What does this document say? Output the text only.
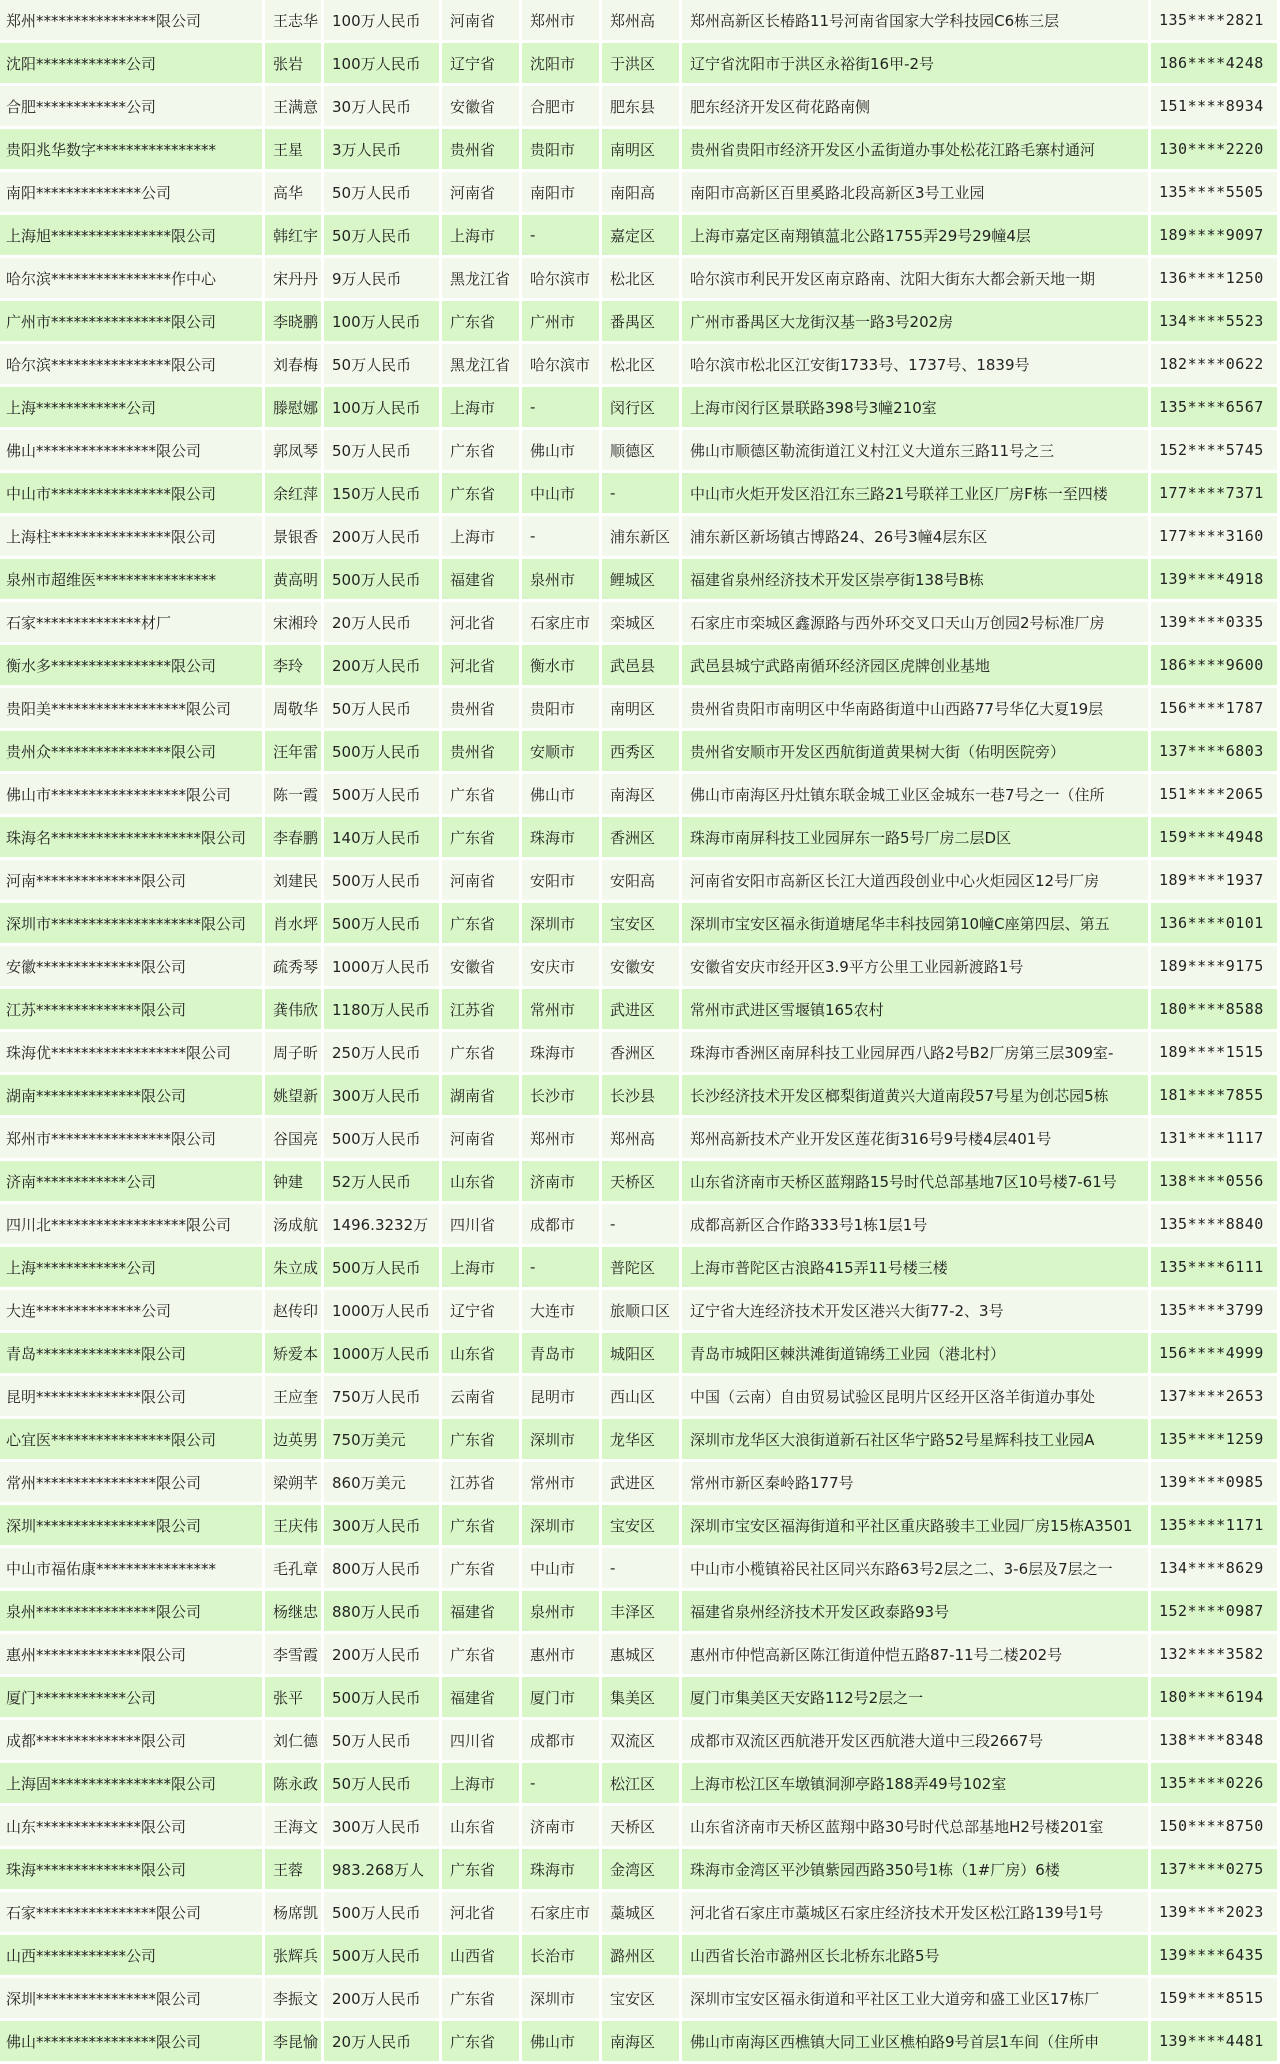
郑州****************限公司	王志华	100万人民币	河南省	郑州市	郑州高	郑州高新区长椿路11号河南省国家大学科技园C6栋三层	135****2821
沈阳************公司	张岩	100万人民币	辽宁省	沈阳市	于洪区	辽宁省沈阳市于洪区永裕街16甲-2号	186****4248
合肥************公司	王满意	30万人民币	安徽省	合肥市	肥东县	肥东经济开发区荷花路南侧	151****8934
贵阳兆华数字****************	王星	3万人民币	贵州省	贵阳市	南明区	贵州省贵阳市经济开发区小孟街道办事处松花江路毛寨村通河	130****2220
南阳**************公司	高华	50万人民币	河南省	南阳市	南阳高	南阳市高新区百里奚路北段高新区3号工业园	135****5505
上海旭****************限公司	韩红宇	50万人民币	上海市	-	嘉定区	上海市嘉定区南翔镇蕰北公路1755弄29号29幢4层	189****9097
哈尔滨****************作中心	宋丹丹	9万人民币	黑龙江省	哈尔滨市	松北区	哈尔滨市利民开发区南京路南、沈阳大街东大都会新天地一期	136****1250
广州市****************限公司	李晓鹏	100万人民币	广东省	广州市	番禺区	广州市番禺区大龙街汉基一路3号202房	134****5523
哈尔滨****************限公司	刘春梅	50万人民币	黑龙江省	哈尔滨市	松北区	哈尔滨市松北区江安街1733号、1737号、1839号	182****0622
上海************公司	滕慰娜	100万人民币	上海市	-	闵行区	上海市闵行区景联路398号3幢210室	135****6567
佛山****************限公司	郭凤琴	50万人民币	广东省	佛山市	顺德区	佛山市顺德区勒流街道江义村江义大道东三路11号之三	152****5745
中山市****************限公司	余红萍	150万人民币	广东省	中山市	-	中山市火炬开发区沿江东三路21号联祥工业区厂房F栋一至四楼	177****7371
上海柱****************限公司	景银香	200万人民币	上海市	-	浦东新区	浦东新区新场镇古博路24、26号3幢4层东区	177****3160
泉州市超维医****************	黄高明	500万人民币	福建省	泉州市	鲤城区	福建省泉州经济技术开发区崇亭街138号B栋	139****4918
石家**************材厂	宋湘玲	20万人民币	河北省	石家庄市	栾城区	石家庄市栾城区鑫源路与西外环交叉口天山万创园2号标准厂房	139****0335
衡水多****************限公司	李玲	200万人民币	河北省	衡水市	武邑县	武邑县城宁武路南循环经济园区虎牌创业基地	186****9600
贵阳美******************限公司	周敬华	50万人民币	贵州省	贵阳市	南明区	贵州省贵阳市南明区中华南路街道中山西路77号华亿大夏19层	156****1787
贵州众****************限公司	汪年雷	500万人民币	贵州省	安顺市	西秀区	贵州省安顺市开发区西航街道黄果树大街（佑明医院旁）	137****6803
佛山市******************限公司	陈一霞	500万人民币	广东省	佛山市	南海区	佛山市南海区丹灶镇东联金城工业区金城东一巷7号之一（住所	151****2065
珠海名********************限公司	李春鹏	140万人民币	广东省	珠海市	香洲区	珠海市南屏科技工业园屏东一路5号厂房二层D区	159****4948
河南**************限公司	刘建民	500万人民币	河南省	安阳市	安阳高	河南省安阳市高新区长江大道西段创业中心火炬园区12号厂房	189****1937
深圳市********************限公司	肖水坪	500万人民币	广东省	深圳市	宝安区	深圳市宝安区福永街道塘尾华丰科技园第10幢C座第四层、第五	136****0101
安徽**************限公司	疏秀琴	1000万人民币	安徽省	安庆市	安徽安	安徽省安庆市经开区3.9平方公里工业园新渡路1号	189****9175
江苏**************限公司	龚伟欣	1180万人民币	江苏省	常州市	武进区	常州市武进区雪堰镇165农村	180****8588
珠海优******************限公司	周子昕	250万人民币	广东省	珠海市	香洲区	珠海市香洲区南屏科技工业园屏西八路2号B2厂房第三层309室-	189****1515
湖南**************限公司	姚望新	300万人民币	湖南省	长沙市	长沙县	长沙经济技术开发区榔梨街道黄兴大道南段57号星为创芯园5栋	181****7855
郑州市****************限公司	谷国亮	500万人民币	河南省	郑州市	郑州高	郑州高新技术产业开发区莲花街316号9号楼4层401号	131****1117
济南************公司	钟建	52万人民币	山东省	济南市	天桥区	山东省济南市天桥区蓝翔路15号时代总部基地7区10号楼7-61号	138****0556
四川北******************限公司	汤成航	1496.3232万	四川省	成都市	-	成都高新区合作路333号1栋1层1号	135****8840
上海************公司	朱立成	500万人民币	上海市	-	普陀区	上海市普陀区古浪路415弄11号楼三楼	135****6111
大连**************公司	赵传印	1000万人民币	辽宁省	大连市	旅顺口区	辽宁省大连经济技术开发区港兴大街77-2、3号	135****3799
青岛**************限公司	矫爱本	1000万人民币	山东省	青岛市	城阳区	青岛市城阳区棘洪滩街道锦绣工业园（港北村）	156****4999
昆明**************限公司	王应奎	750万人民币	云南省	昆明市	西山区	中国（云南）自由贸易试验区昆明片区经开区洛羊街道办事处	137****2653
心宜医****************限公司	边英男	750万美元	广东省	深圳市	龙华区	深圳市龙华区大浪街道新石社区华宁路52号星辉科技工业园A	135****1259
常州****************限公司	梁朔芊	860万美元	江苏省	常州市	武进区	常州市新区秦岭路177号	139****0985
深圳****************限公司	王庆伟	300万人民币	广东省	深圳市	宝安区	深圳市宝安区福海街道和平社区重庆路骏丰工业园厂房15栋A3501	135****1171
中山市福佑康****************	毛孔章	800万人民币	广东省	中山市	-	中山市小榄镇裕民社区同兴东路63号2层之二、3-6层及7层之一	134****8629
泉州****************限公司	杨继忠	880万人民币	福建省	泉州市	丰泽区	福建省泉州经济技术开发区政泰路93号	152****0987
惠州**************限公司	李雪霞	200万人民币	广东省	惠州市	惠城区	惠州市仲恺高新区陈江街道仲恺五路87-11号二楼202号	132****3582
厦门************公司	张平	500万人民币	福建省	厦门市	集美区	厦门市集美区天安路112号2层之一	180****6194
成都**************限公司	刘仁德	50万人民币	四川省	成都市	双流区	成都市双流区西航港开发区西航港大道中三段2667号	138****8348
上海固****************限公司	陈永政	50万人民币	上海市	-	松江区	上海市松江区车墩镇洞泖亭路188弄49号102室	135****0226
山东**************限公司	王海文	300万人民币	山东省	济南市	天桥区	山东省济南市天桥区蓝翔中路30号时代总部基地H2号楼201室	150****8750
珠海**************限公司	王蓉	983.268万人	广东省	珠海市	金湾区	珠海市金湾区平沙镇紫园西路350号1栋（1#厂房）6楼	137****0275
石家****************限公司	杨席凯	500万人民币	河北省	石家庄市	藁城区	河北省石家庄市藁城区石家庄经济技术开发区松江路139号1号	139****2023
山西************公司	张辉兵	500万人民币	山西省	长治市	潞州区	山西省长治市潞州区长北桥东北路5号	139****6435
深圳****************限公司	李振文	200万人民币	广东省	深圳市	宝安区	深圳市宝安区福永街道和平社区工业大道旁和盛工业区17栋厂	159****8515
佛山****************限公司	李昆愉	20万人民币	广东省	佛山市	南海区	佛山市南海区西樵镇大同工业区樵柏路9号首层1车间（住所申	139****4481
